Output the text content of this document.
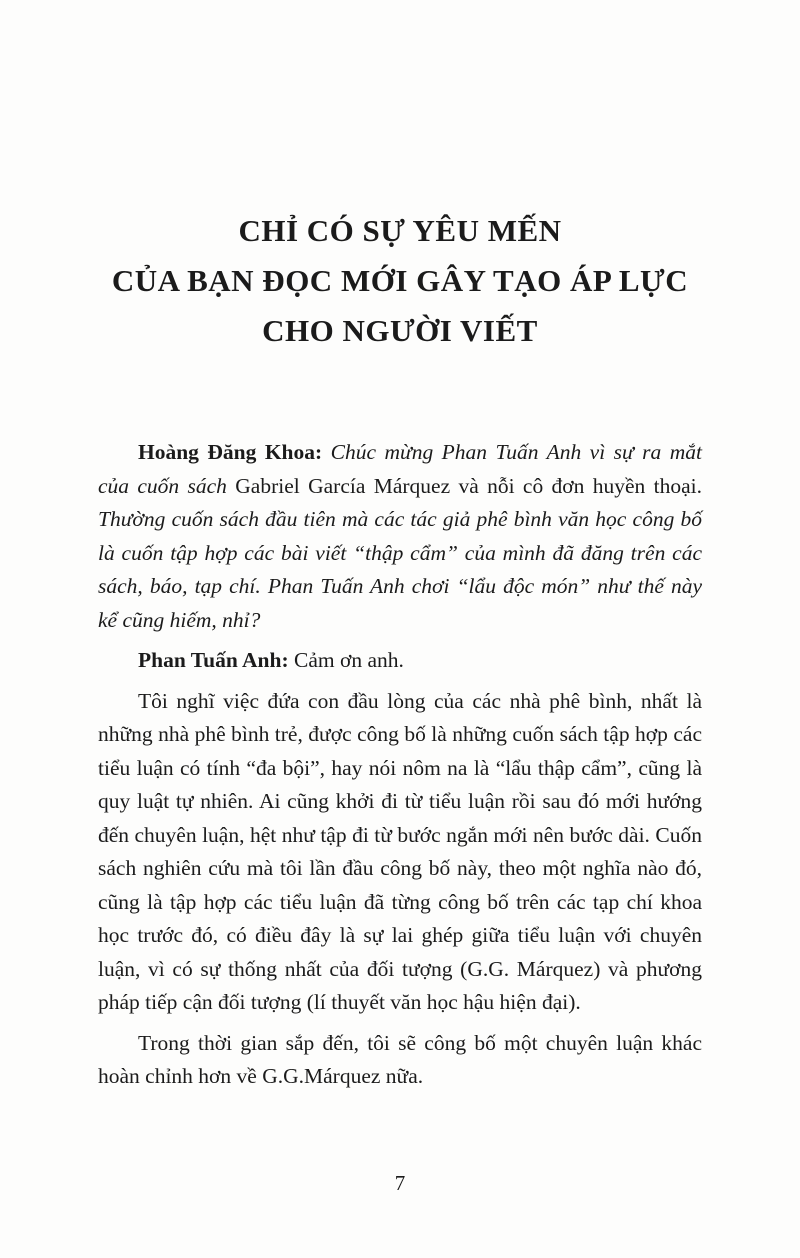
CHỈ CÓ SỰ YÊU MẾN
CỦA BẠN ĐỌC MỚI GÂY TẠO ÁP LỰC
CHO NGƯỜI VIẾT

Hoàng Đăng Khoa: Chúc mừng Phan Tuấn Anh vì sự ra mắt của cuốn sách Gabriel García Márquez và nỗi cô đơn huyền thoại. Thường cuốn sách đầu tiên mà các tác giả phê bình văn học công bố là cuốn tập hợp các bài viết “thập cẩm” của mình đã đăng trên các sách, báo, tạp chí. Phan Tuấn Anh chơi “lẩu độc món” như thế này kể cũng hiếm, nhỉ?

Phan Tuấn Anh: Cảm ơn anh.

Tôi nghĩ việc đứa con đầu lòng của các nhà phê bình, nhất là những nhà phê bình trẻ, được công bố là những cuốn sách tập hợp các tiểu luận có tính “đa bội”, hay nói nôm na là “lẩu thập cẩm”, cũng là quy luật tự nhiên. Ai cũng khởi đi từ tiểu luận rồi sau đó mới hướng đến chuyên luận, hệt như tập đi từ bước ngắn mới nên bước dài. Cuốn sách nghiên cứu mà tôi lần đầu công bố này, theo một nghĩa nào đó, cũng là tập hợp các tiểu luận đã từng công bố trên các tạp chí khoa học trước đó, có điều đây là sự lai ghép giữa tiểu luận với chuyên luận, vì có sự thống nhất của đối tượng (G.G. Márquez) và phương pháp tiếp cận đối tượng (lí thuyết văn học hậu hiện đại).

Trong thời gian sắp đến, tôi sẽ công bố một chuyên luận khác hoàn chỉnh hơn về G.G.Márquez nữa.

7
